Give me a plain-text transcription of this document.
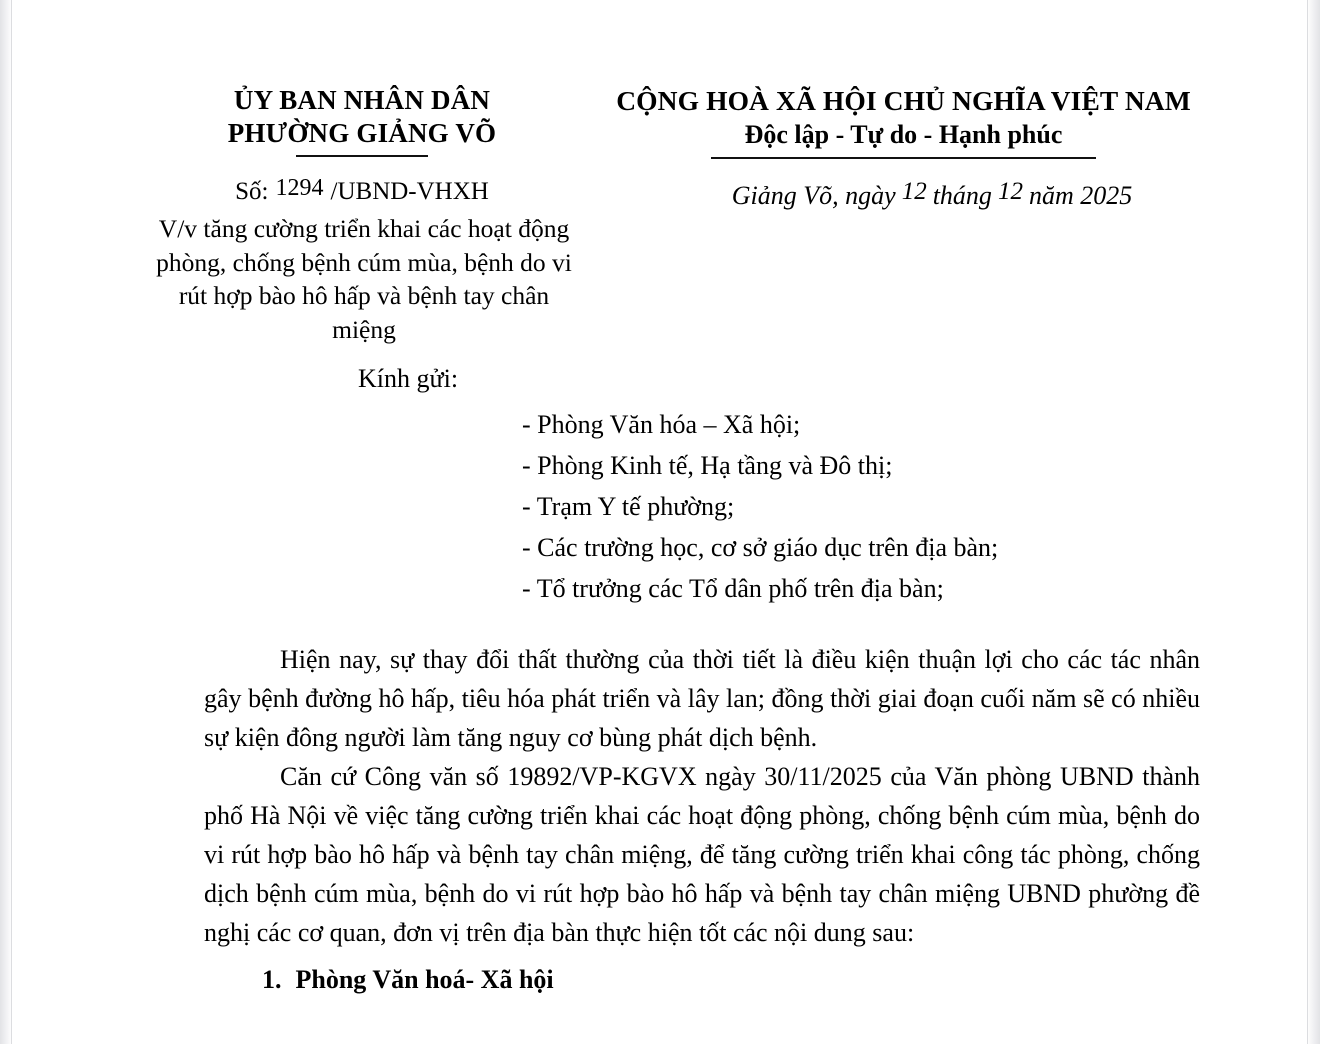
ỦY BAN NHÂN DÂN
PHƯỜNG GIẢNG VÕ
CỘNG HOÀ XÃ HỘI CHỦ NGHĨA VIỆT NAM
Độc lập - Tự do - Hạnh phúc
Số: 1294 /UBND-VHXH
V/v tăng cường triển khai các hoạt động phòng, chống bệnh cúm mùa, bệnh do vi rút hợp bào hô hấp và bệnh tay chân miệng
Giảng Võ, ngày 12 tháng 12 năm 2025
Kính gửi:
- Phòng Văn hóa – Xã hội;
- Phòng Kinh tế, Hạ tầng và Đô thị;
- Trạm Y tế phường;
- Các trường học, cơ sở giáo dục trên địa bàn;
- Tổ trưởng các Tổ dân phố trên địa bàn;

Hiện nay, sự thay đổi thất thường của thời tiết là điều kiện thuận lợi cho các tác nhân gây bệnh đường hô hấp, tiêu hóa phát triển và lây lan; đồng thời giai đoạn cuối năm sẽ có nhiều sự kiện đông người làm tăng nguy cơ bùng phát dịch bệnh.

Căn cứ Công văn số 19892/VP-KGVX ngày 30/11/2025 của Văn phòng UBND thành phố Hà Nội về việc tăng cường triển khai các hoạt động phòng, chống bệnh cúm mùa, bệnh do vi rút hợp bào hô hấp và bệnh tay chân miệng, để tăng cường triển khai công tác phòng, chống dịch bệnh cúm mùa, bệnh do vi rút hợp bào hô hấp và bệnh tay chân miệng UBND phường đề nghị các cơ quan, đơn vị trên địa bàn thực hiện tốt các nội dung sau:

1. Phòng Văn hoá- Xã hội
